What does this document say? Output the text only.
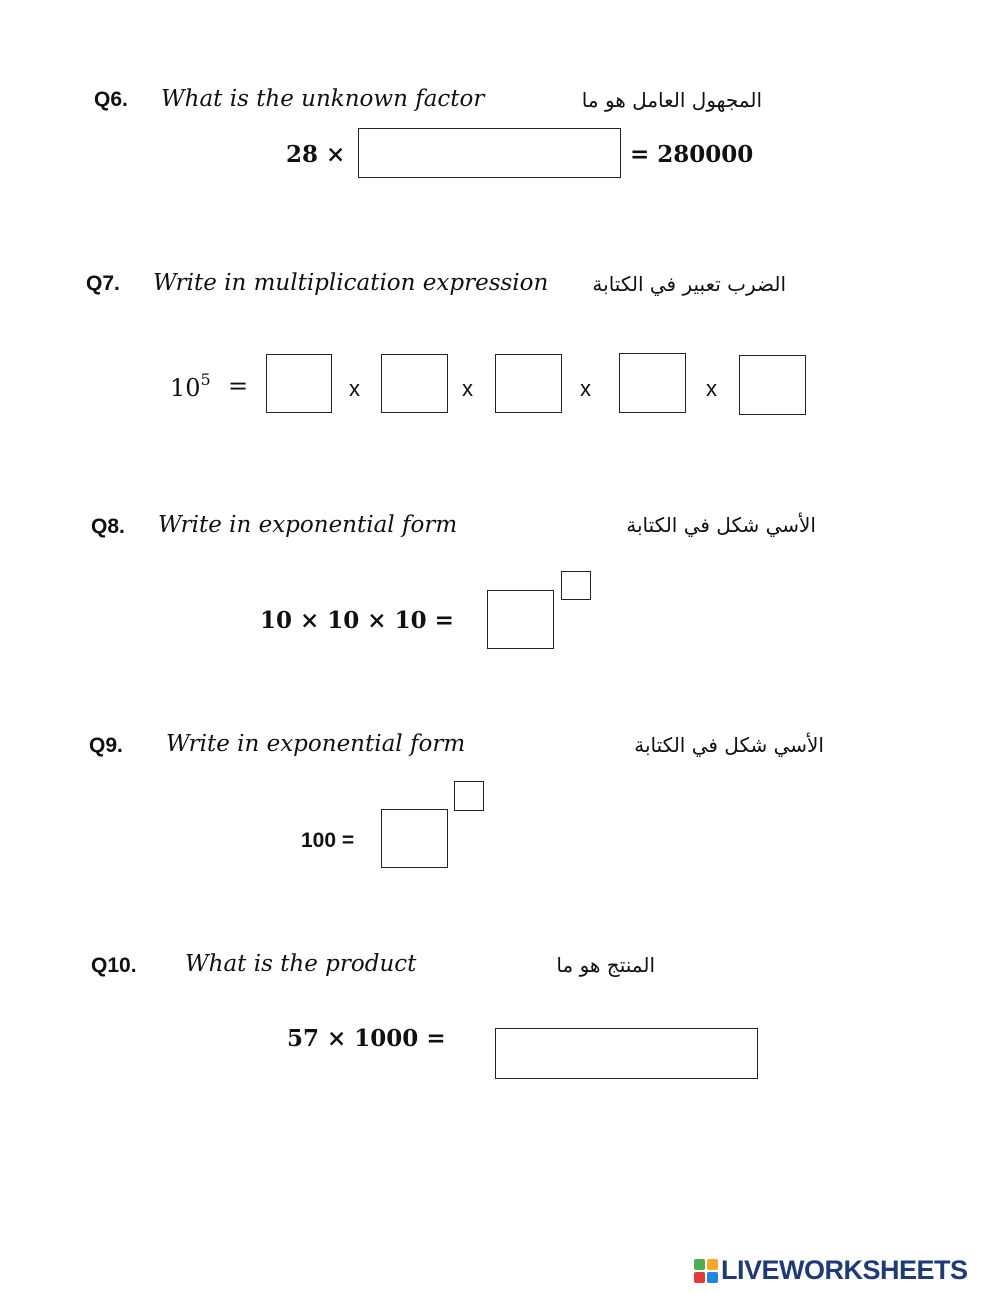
Q6. What is the unknown factor	المجهول العامل هو ما
28 ×	= 280000
Q7. Write in multiplication expression الضرب تعبير في الكتابة
$10^5$ =	x	x	x	x
Q8. Write in exponential form	الأسي شكل في الكتابة
10 × 10 × 10 =
Q9. Write in exponential form	الأسي شكل في الكتابة
100 =
Q10. What is the product	المنتج هو ما
57 × 1000 =
LIVEWORKSHEETS
